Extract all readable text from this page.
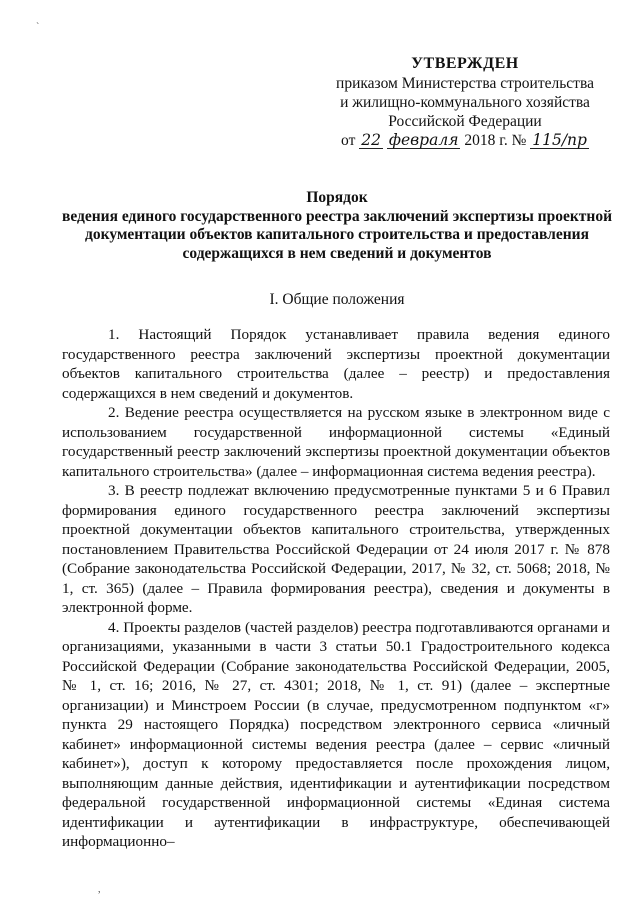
УТВЕРЖДЕН
приказом Министерства строительства
и жилищно-коммунального хозяйства
Российской Федерации
от 22 февраля 2018 г. № 115/пр
Порядок
ведения единого государственного реестра заключений экспертизы проектной
документации объектов капитального строительства и предоставления
содержащихся в нем сведений и документов
I. Общие положения

1. Настоящий Порядок устанавливает правила ведения единого государственного реестра заключений экспертизы проектной документации объектов капитального строительства (далее – реестр) и предоставления содержащихся в нем сведений и документов.

2. Ведение реестра осуществляется на русском языке в электронном виде с использованием государственной информационной системы «Единый государственный реестр заключений экспертизы проектной документации объектов капитального строительства» (далее – информационная система ведения реестра).

3. В реестр подлежат включению предусмотренные пунктами 5 и 6 Правил формирования единого государственного реестра заключений экспертизы проектной документации объектов капитального строительства, утвержденных постановлением Правительства Российской Федерации от 24 июля 2017 г. № 878 (Собрание законодательства Российской Федерации, 2017, № 32, ст. 5068; 2018, № 1, ст. 365) (далее – Правила формирования реестра), сведения и документы в электронной форме.

4. Проекты разделов (частей разделов) реестра подготавливаются органами и организациями, указанными в части 3 статьи 50.1 Градостроительного кодекса Российской Федерации (Собрание законодательства Российской Федерации, 2005, № 1, ст. 16; 2016, № 27, ст. 4301; 2018, № 1, ст. 91) (далее – экспертные организации) и Минстроем России (в случае, предусмотренном подпунктом «г» пункта 29 настоящего Порядка) посредством электронного сервиса «личный кабинет» информационной системы ведения реестра (далее – сервис «личный кабинет»), доступ к которому предоставляется после прохождения лицом, выполняющим данные действия, идентификации и аутентификации посредством федеральной государственной информационной системы «Единая система идентификации и аутентификации в инфраструктуре, обеспечивающей информационно–

ˋ
,
